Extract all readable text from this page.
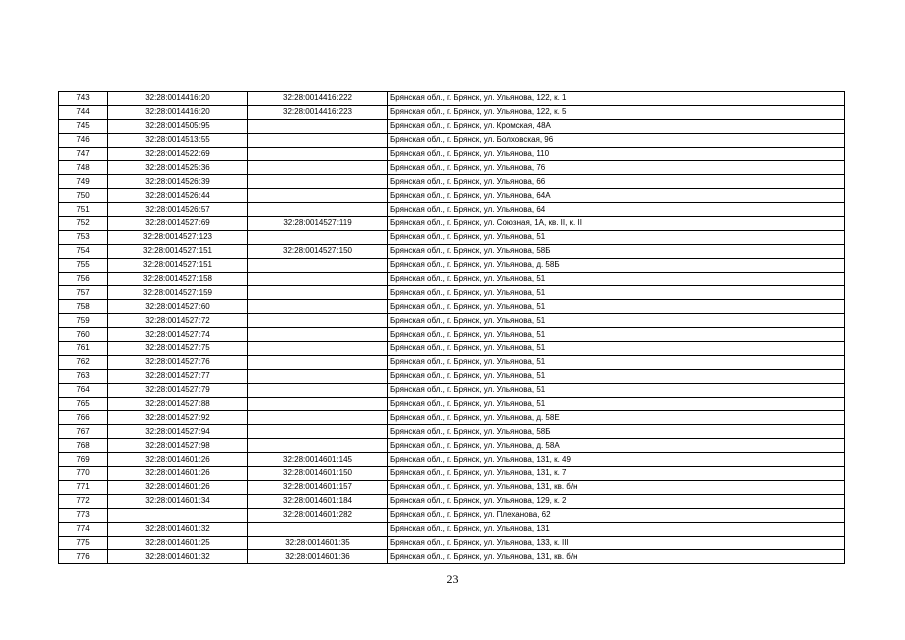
743	32:28:0014416:20	32:28:0014416:222	Брянская обл., г. Брянск, ул. Ульянова, 122, к. 1
744	32:28:0014416:20	32:28:0014416:223	Брянская обл., г. Брянск, ул. Ульянова, 122, к. 5
745	32:28:0014505:95		Брянская обл., г. Брянск, ул. Кромская, 48А
746	32:28:0014513:55		Брянская обл., г. Брянск, ул. Болховская, 96
747	32:28:0014522:69		Брянская обл., г. Брянск, ул. Ульянова, 110
748	32:28:0014525:36		Брянская обл., г. Брянск, ул. Ульянова, 76
749	32:28:0014526:39		Брянская обл., г. Брянск, ул. Ульянова, 66
750	32:28:0014526:44		Брянская обл., г. Брянск, ул. Ульянова, 64А
751	32:28:0014526:57		Брянская обл., г. Брянск, ул. Ульянова, 64
752	32:28:0014527:69	32:28:0014527:119	Брянская обл., г. Брянск, ул. Союзная, 1А, кв. II, к. II
753	32:28:0014527:123		Брянская обл., г. Брянск, ул. Ульянова, 51
754	32:28:0014527:151	32:28:0014527:150	Брянская обл., г. Брянск, ул. Ульянова, 58Б
755	32:28:0014527:151		Брянская обл., г. Брянск, ул. Ульянова, д. 58Б
756	32:28:0014527:158		Брянская обл., г. Брянск, ул. Ульянова, 51
757	32:28:0014527:159		Брянская обл., г. Брянск, ул. Ульянова, 51
758	32:28:0014527:60		Брянская обл., г. Брянск, ул. Ульянова, 51
759	32:28:0014527:72		Брянская обл., г. Брянск, ул. Ульянова, 51
760	32:28:0014527:74		Брянская обл., г. Брянск, ул. Ульянова, 51
761	32:28:0014527:75		Брянская обл., г. Брянск, ул. Ульянова, 51
762	32:28:0014527:76		Брянская обл., г. Брянск, ул. Ульянова, 51
763	32:28:0014527:77		Брянская обл., г. Брянск, ул. Ульянова, 51
764	32:28:0014527:79		Брянская обл., г. Брянск, ул. Ульянова, 51
765	32:28:0014527:88		Брянская обл., г. Брянск, ул. Ульянова, 51
766	32:28:0014527:92		Брянская обл., г. Брянск, ул. Ульянова, д. 58Е
767	32:28:0014527:94		Брянская обл., г. Брянск, ул. Ульянова, 58Б
768	32:28:0014527:98		Брянская обл., г. Брянск, ул. Ульянова, д. 58А
769	32:28:0014601:26	32:28:0014601:145	Брянская обл., г. Брянск, ул. Ульянова, 131, к. 49
770	32:28:0014601:26	32:28:0014601:150	Брянская обл., г. Брянск, ул. Ульянова, 131, к. 7
771	32:28:0014601:26	32:28:0014601:157	Брянская обл., г. Брянск, ул. Ульянова, 131, кв. б/н
772	32:28:0014601:34	32:28:0014601:184	Брянская обл., г. Брянск, ул. Ульянова, 129, к. 2
773		32:28:0014601:282	Брянская обл., г. Брянск, ул. Плеханова, 62
774	32:28:0014601:32		Брянская обл., г. Брянск, ул. Ульянова, 131
775	32:28:0014601:25	32:28:0014601:35	Брянская обл., г. Брянск, ул. Ульянова, 133, к. III
776	32:28:0014601:32	32:28:0014601:36	Брянская обл., г. Брянск, ул. Ульянова, 131, кв. б/н
23
